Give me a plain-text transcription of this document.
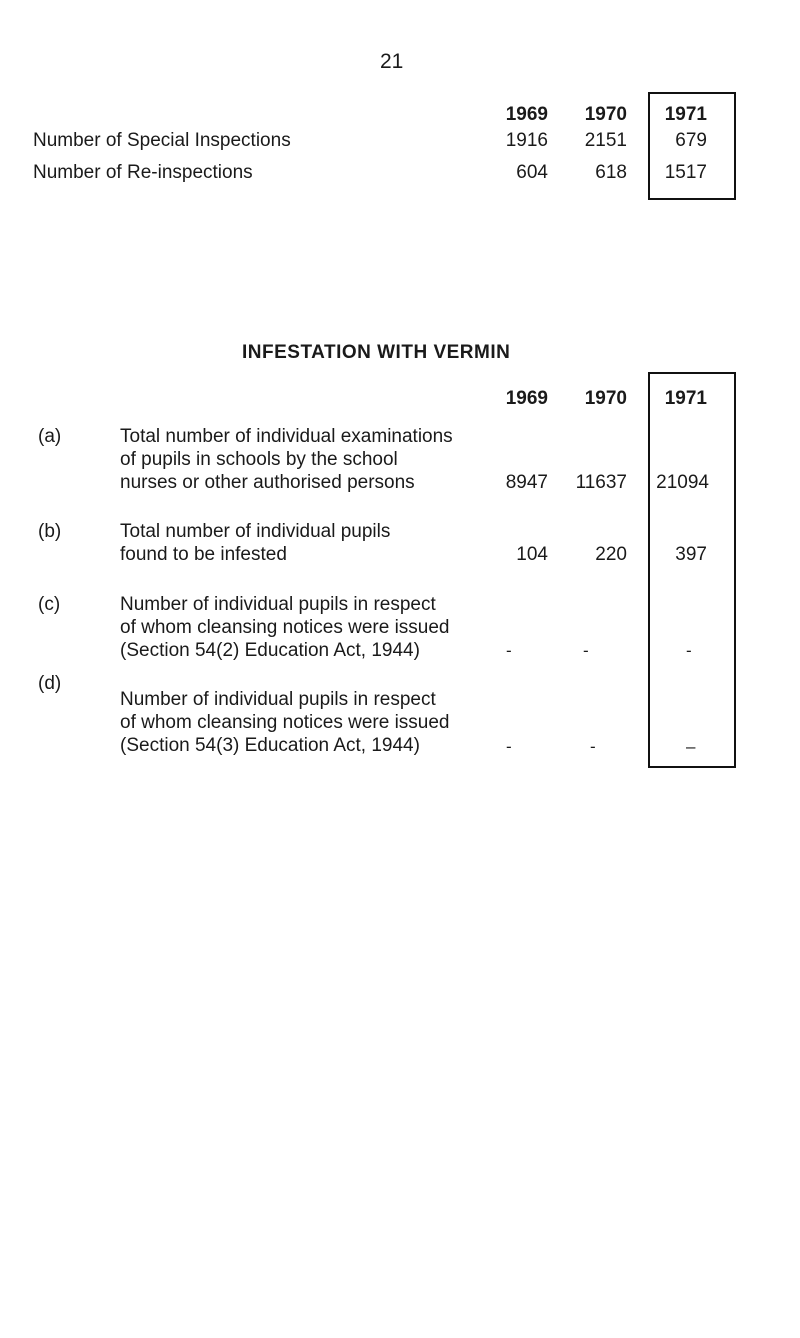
21
1969	1970	1971
Number of Special Inspections	1916	2151	679
Number of Re-inspections	604	618	1517
INFESTATION WITH VERMIN
1969	1970	1971
(a)	Total number of individual examinations
of pupils in schools by the school
nurses or other authorised persons	8947	11637	21094
(b)	Total number of individual pupils
found to be infested	104	220	397
(c)	Number of individual pupils in respect
of whom cleansing notices were issued
(Section 54(2) Education Act, 1944)	-	-	-
(d)
Number of individual pupils in respect
of whom cleansing notices were issued
(Section 54(3) Education Act, 1944)	-	-	–
